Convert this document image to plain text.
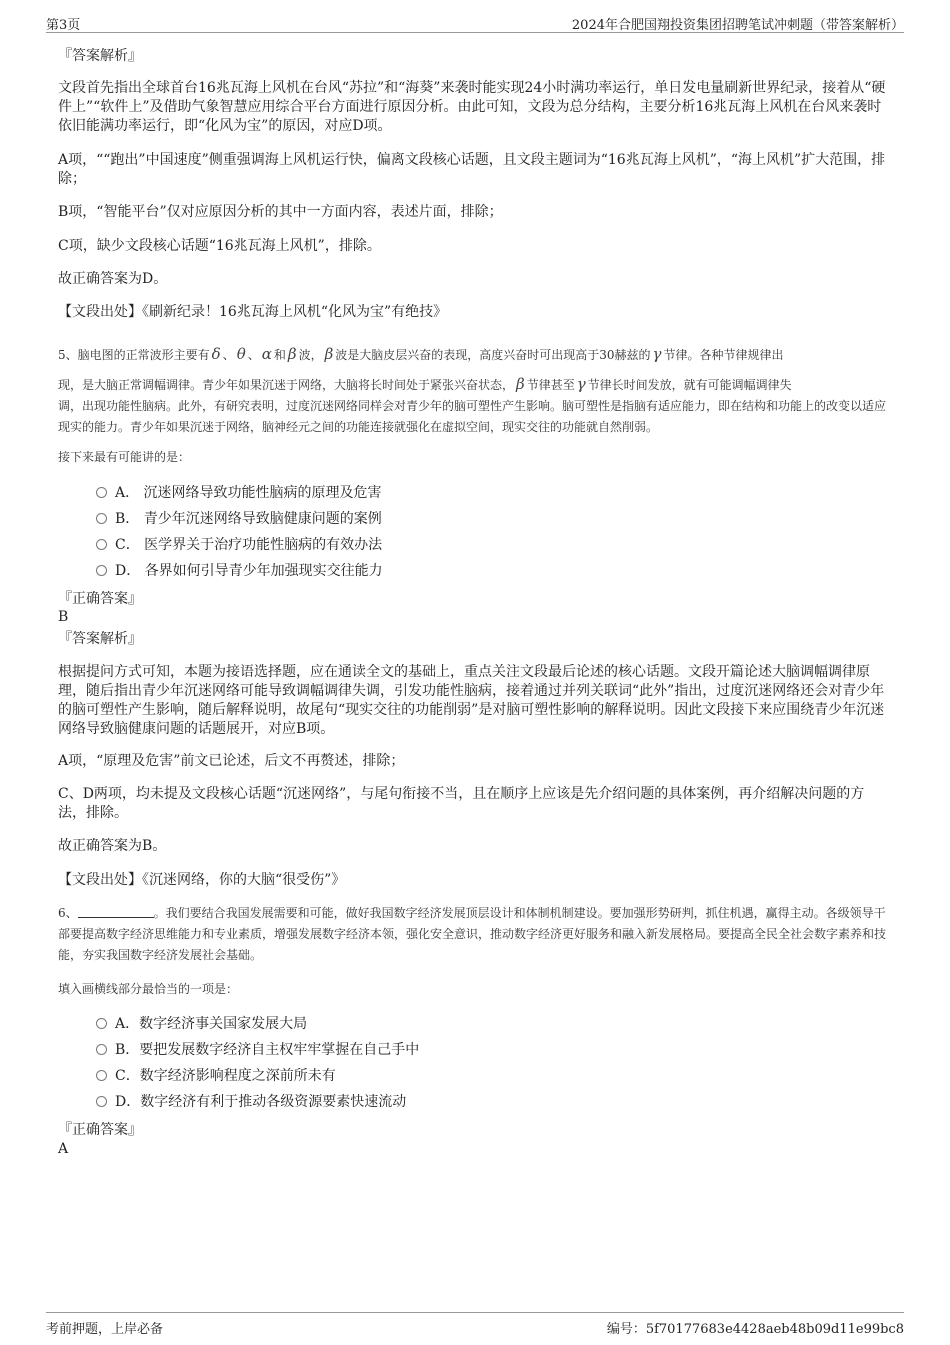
第3页	2024年合肥国翔投资集团招聘笔试冲刺题（带答案解析）
『答案解析』
文段首先指出全球首台16兆瓦海上风机在台风“苏拉”和“海葵”来袭时能实现24小时满功率运行，单日发电量刷新世界纪录，接着从“硬件上”“软件上”及借助气象智慧应用综合平台方面进行原因分析。由此可知，文段为总分结构，主要分析16兆瓦海上风机在台风来袭时依旧能满功率运行，即“化风为宝”的原因，对应D项。
A项，““跑出”中国速度”侧重强调海上风机运行快，偏离文段核心话题，且文段主题词为“16兆瓦海上风机”，“海上风机”扩大范围，排除；
B项，“智能平台”仅对应原因分析的其中一方面内容，表述片面，排除；
C项，缺少文段核心话题“16兆瓦海上风机”，排除。
故正确答案为D。
【文段出处】《刷新纪录！16兆瓦海上风机“化风为宝”有绝技》
5、脑电图的正常波形主要有 δ 、 θ 、 α 和 β 波， β 波是大脑皮层兴奋的表现，高度兴奋时可出现高于30赫兹的 γ 节律。各种节律规律出
现，是大脑正常调幅调律。青少年如果沉迷于网络，大脑将长时间处于紧张兴奋状态， β 节律甚至 γ 节律长时间发放，就有可能调幅调律失
调，出现功能性脑病。此外，有研究表明，过度沉迷网络同样会对青少年的脑可塑性产生影响。脑可塑性是指脑有适应能力，即在结构和功能上的改变以适应现实的能力。青少年如果沉迷于网络，脑神经元之间的功能连接就强化在虚拟空间，现实交往的功能就自然削弱。
接下来最有可能讲的是：
A． 沉迷网络导致功能性脑病的原理及危害
B． 青少年沉迷网络导致脑健康问题的案例
C． 医学界关于治疗功能性脑病的有效办法
D． 各界如何引导青少年加强现实交往能力
『正确答案』
B
『答案解析』
根据提问方式可知，本题为接语选择题，应在通读全文的基础上，重点关注文段最后论述的核心话题。文段开篇论述大脑调幅调律原理，随后指出青少年沉迷网络可能导致调幅调律失调，引发功能性脑病，接着通过并列关联词“此外”指出，过度沉迷网络还会对青少年的脑可塑性产生影响，随后解释说明，故尾句“现实交往的功能削弱”是对脑可塑性影响的解释说明。因此文段接下来应围绕青少年沉迷网络导致脑健康问题的话题展开，对应B项。
A项，“原理及危害”前文已论述，后文不再赘述，排除；
C、D两项，均未提及文段核心话题“沉迷网络”，与尾句衔接不当，且在顺序上应该是先介绍问题的具体案例，再介绍解决问题的方法，排除。
故正确答案为B。
【文段出处】《沉迷网络，你的大脑“很受伤”》
6、	。我们要结合我国发展需要和可能，做好我国数字经济发展顶层设计和体制机制建设。要加强形势研判，抓住机遇，赢得主动。各级领导干部要提高数字经济思维能力和专业素质，增强发展数字经济本领，强化安全意识，推动数字经济更好服务和融入新发展格局。要提高全民全社会数字素养和技能，夯实我国数字经济发展社会基础。
填入画横线部分最恰当的一项是：
A．数字经济事关国家发展大局
B．要把发展数字经济自主权牢牢掌握在自己手中
C．数字经济影响程度之深前所未有
D．数字经济有利于推动各级资源要素快速流动
『正确答案』
A
考前押题，上岸必备	编号：5f70177683e4428aeb48b09d11e99bc8
